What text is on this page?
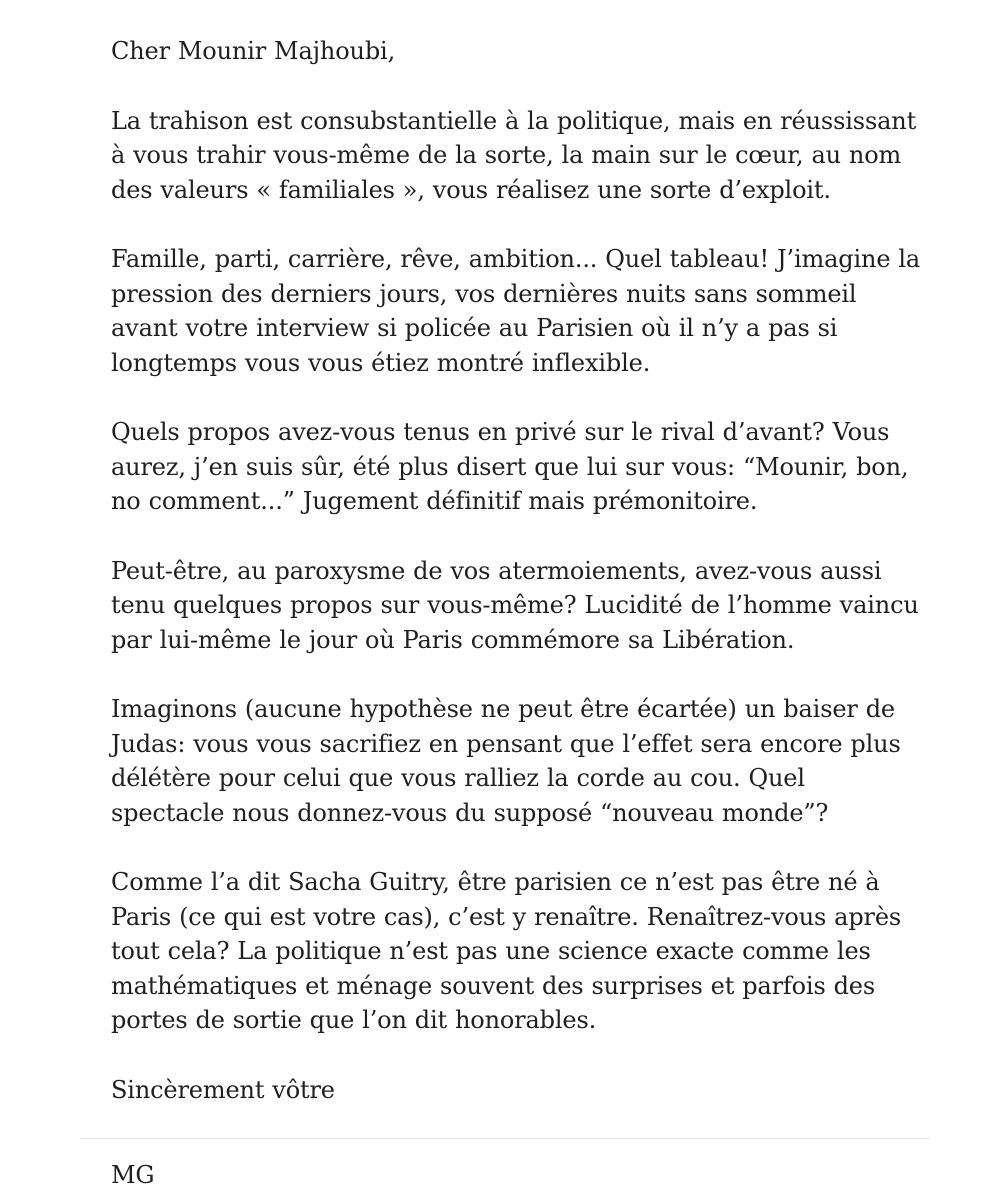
Cher Mounir Majhoubi,

La trahison est consubstantielle à la politique, mais en réussissant à vous trahir vous-même de la sorte, la main sur le cœur, au nom des valeurs « familiales », vous réalisez une sorte d’exploit.

Famille, parti, carrière, rêve, ambition... Quel tableau! J’imagine la pression des derniers jours, vos dernières nuits sans sommeil avant votre interview si policée au Parisien où il n’y a pas si longtemps vous vous étiez montré inflexible.

Quels propos avez-vous tenus en privé sur le rival d’avant? Vous aurez, j’en suis sûr, été plus disert que lui sur vous: “Mounir, bon, no comment...” Jugement définitif mais prémonitoire.

Peut-être, au paroxysme de vos atermoiements, avez-vous aussi tenu quelques propos sur vous-même? Lucidité de l’homme vaincu par lui-même le jour où Paris commémore sa Libération.

Imaginons (aucune hypothèse ne peut être écartée) un baiser de Judas: vous vous sacrifiez en pensant que l’effet sera encore plus délétère pour celui que vous ralliez la corde au cou. Quel spectacle nous donnez-vous du supposé “nouveau monde”?

Comme l’a dit Sacha Guitry, être parisien ce n’est pas être né à Paris (ce qui est votre cas), c’est y renaître. Renaîtrez-vous après tout cela? La politique n’est pas une science exacte comme les mathématiques et ménage souvent des surprises et parfois des portes de sortie que l’on dit honorables.

Sincèrement vôtre

MG
